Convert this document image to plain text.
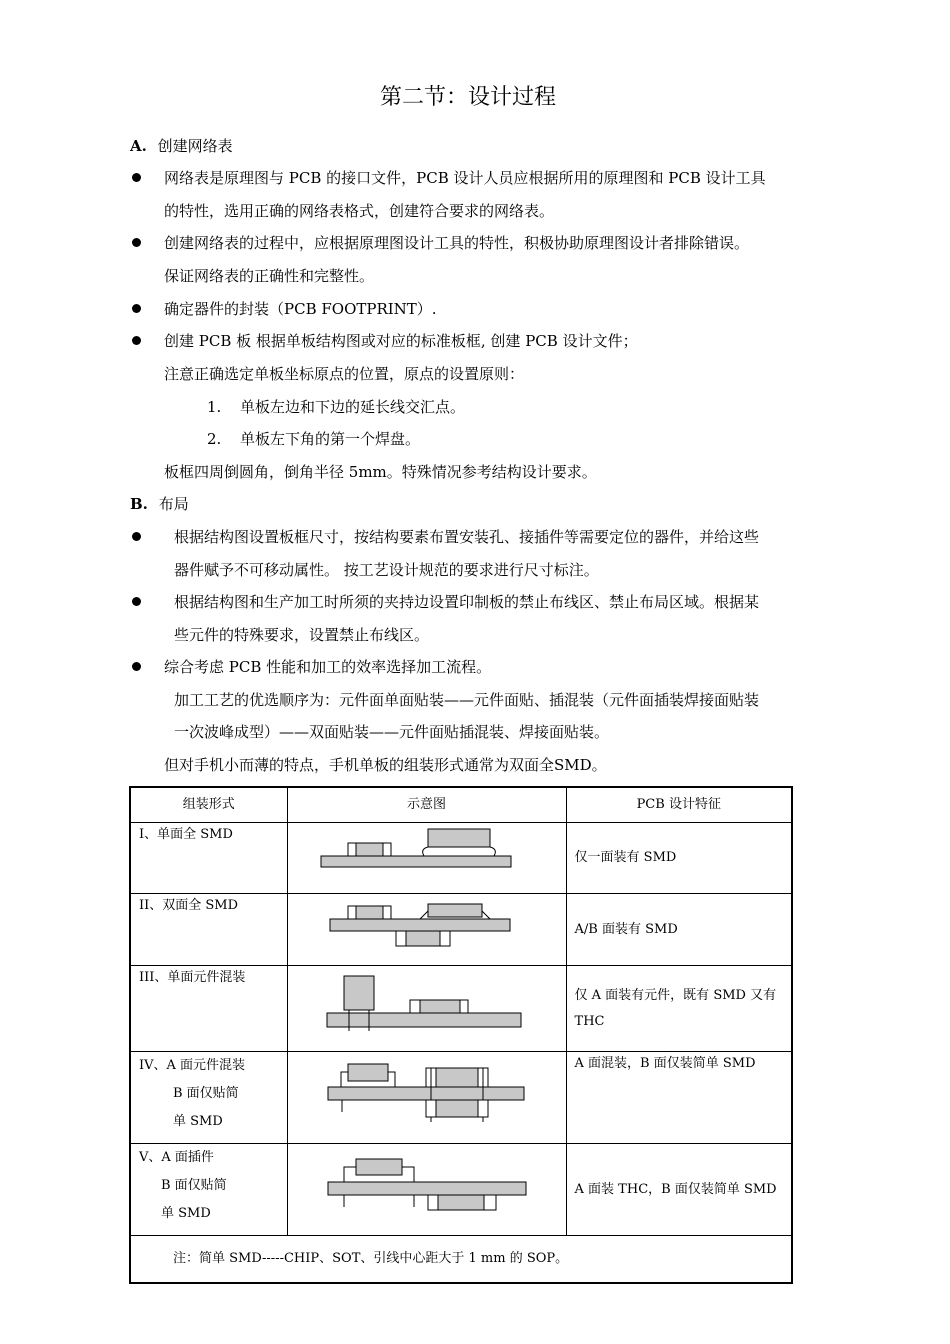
第二节：设计过程
A. 创建网络表
网络表是原理图与 PCB 的接口文件，PCB 设计人员应根据所用的原理图和 PCB 设计工具
的特性，选用正确的网络表格式，创建符合要求的网络表。
创建网络表的过程中，应根据原理图设计工具的特性，积极协助原理图设计者排除错误。
保证网络表的正确性和完整性。
确定器件的封装（PCB FOOTPRINT）.
创建 PCB 板 根据单板结构图或对应的标准板框, 创建 PCB 设计文件；
注意正确选定单板坐标原点的位置，原点的设置原则：
1. 单板左边和下边的延长线交汇点。
2. 单板左下角的第一个焊盘。
板框四周倒圆角，倒角半径 5mm。特殊情况参考结构设计要求。
B. 布局
根据结构图设置板框尺寸，按结构要素布置安装孔、接插件等需要定位的器件，并给这些
器件赋予不可移动属性。 按工艺设计规范的要求进行尺寸标注。
根据结构图和生产加工时所须的夹持边设置印制板的禁止布线区、禁止布局区域。根据某
些元件的特殊要求，设置禁止布线区。
综合考虑 PCB 性能和加工的效率选择加工流程。
加工工艺的优选顺序为：元件面单面贴装——元件面贴、插混装（元件面插装焊接面贴装
一次波峰成型）——双面贴装——元件面贴插混装、焊接面贴装。
但对手机小而薄的特点，手机单板的组装形式通常为双面全SMD。
组装形式	示意图	PCB 设计特征

I、单面全 SMD		仅一面装有 SMD

II、双面全 SMD		A/B 面装有 SMD

III、单面元件混装		仅 A 面装有元件，既有 SMD 又有
THC

IV、A 面元件混装
B 面仅贴简
单 SMD		A 面混装，B 面仅装简单 SMD

V、A 面插件
B 面仅贴简
单 SMD		A 面装 THC，B 面仅装简单 SMD

注：简单 SMD-----CHIP、SOT、引线中心距大于 1 mm 的 SOP。		
